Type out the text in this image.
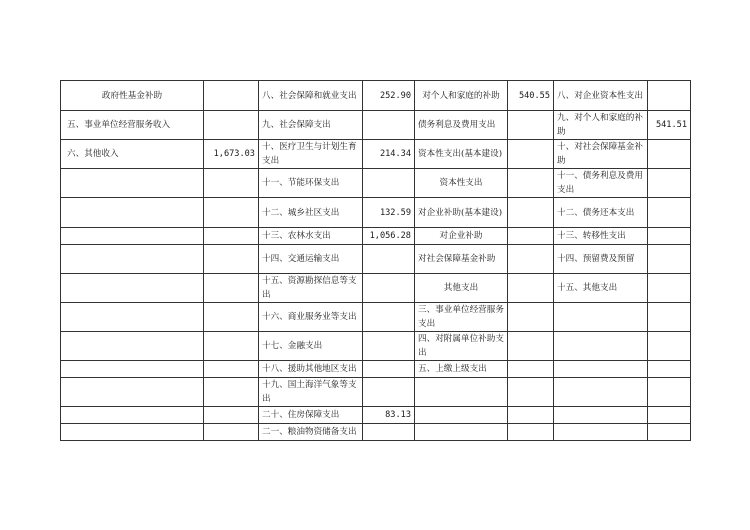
政府性基金补助		八、社会保障和就业支出	252.90	对个人和家庭的补助	540.55	八、对企业资本性支出	
五、事业单位经营服务收入		九、社会保障支出		债务利息及费用支出		九、对个人和家庭的补助	541.51
六、其他收入	1,673.03	十、医疗卫生与计划生育支出	214.34	资本性支出(基本建设)		十、对社会保障基金补助	
		十一、节能环保支出		资本性支出		十一、债务利息及费用支出	
		十二、城乡社区支出	132.59	对企业补助(基本建设)		十二、债务还本支出	
		十三、农林水支出	1,056.28	对企业补助		十三、转移性支出	
		十四、交通运输支出		对社会保障基金补助		十四、预留费及预留	
		十五、资源勘探信息等支出		其他支出		十五、其他支出	
		十六、商业服务业等支出		三、事业单位经营服务支出			
		十七、金融支出		四、对附属单位补助支出			
		十八、援助其他地区支出		五、上缴上级支出			
		十九、国土海洋气象等支出					
		二十、住房保障支出	83.13				
		二一、粮油物资储备支出					
